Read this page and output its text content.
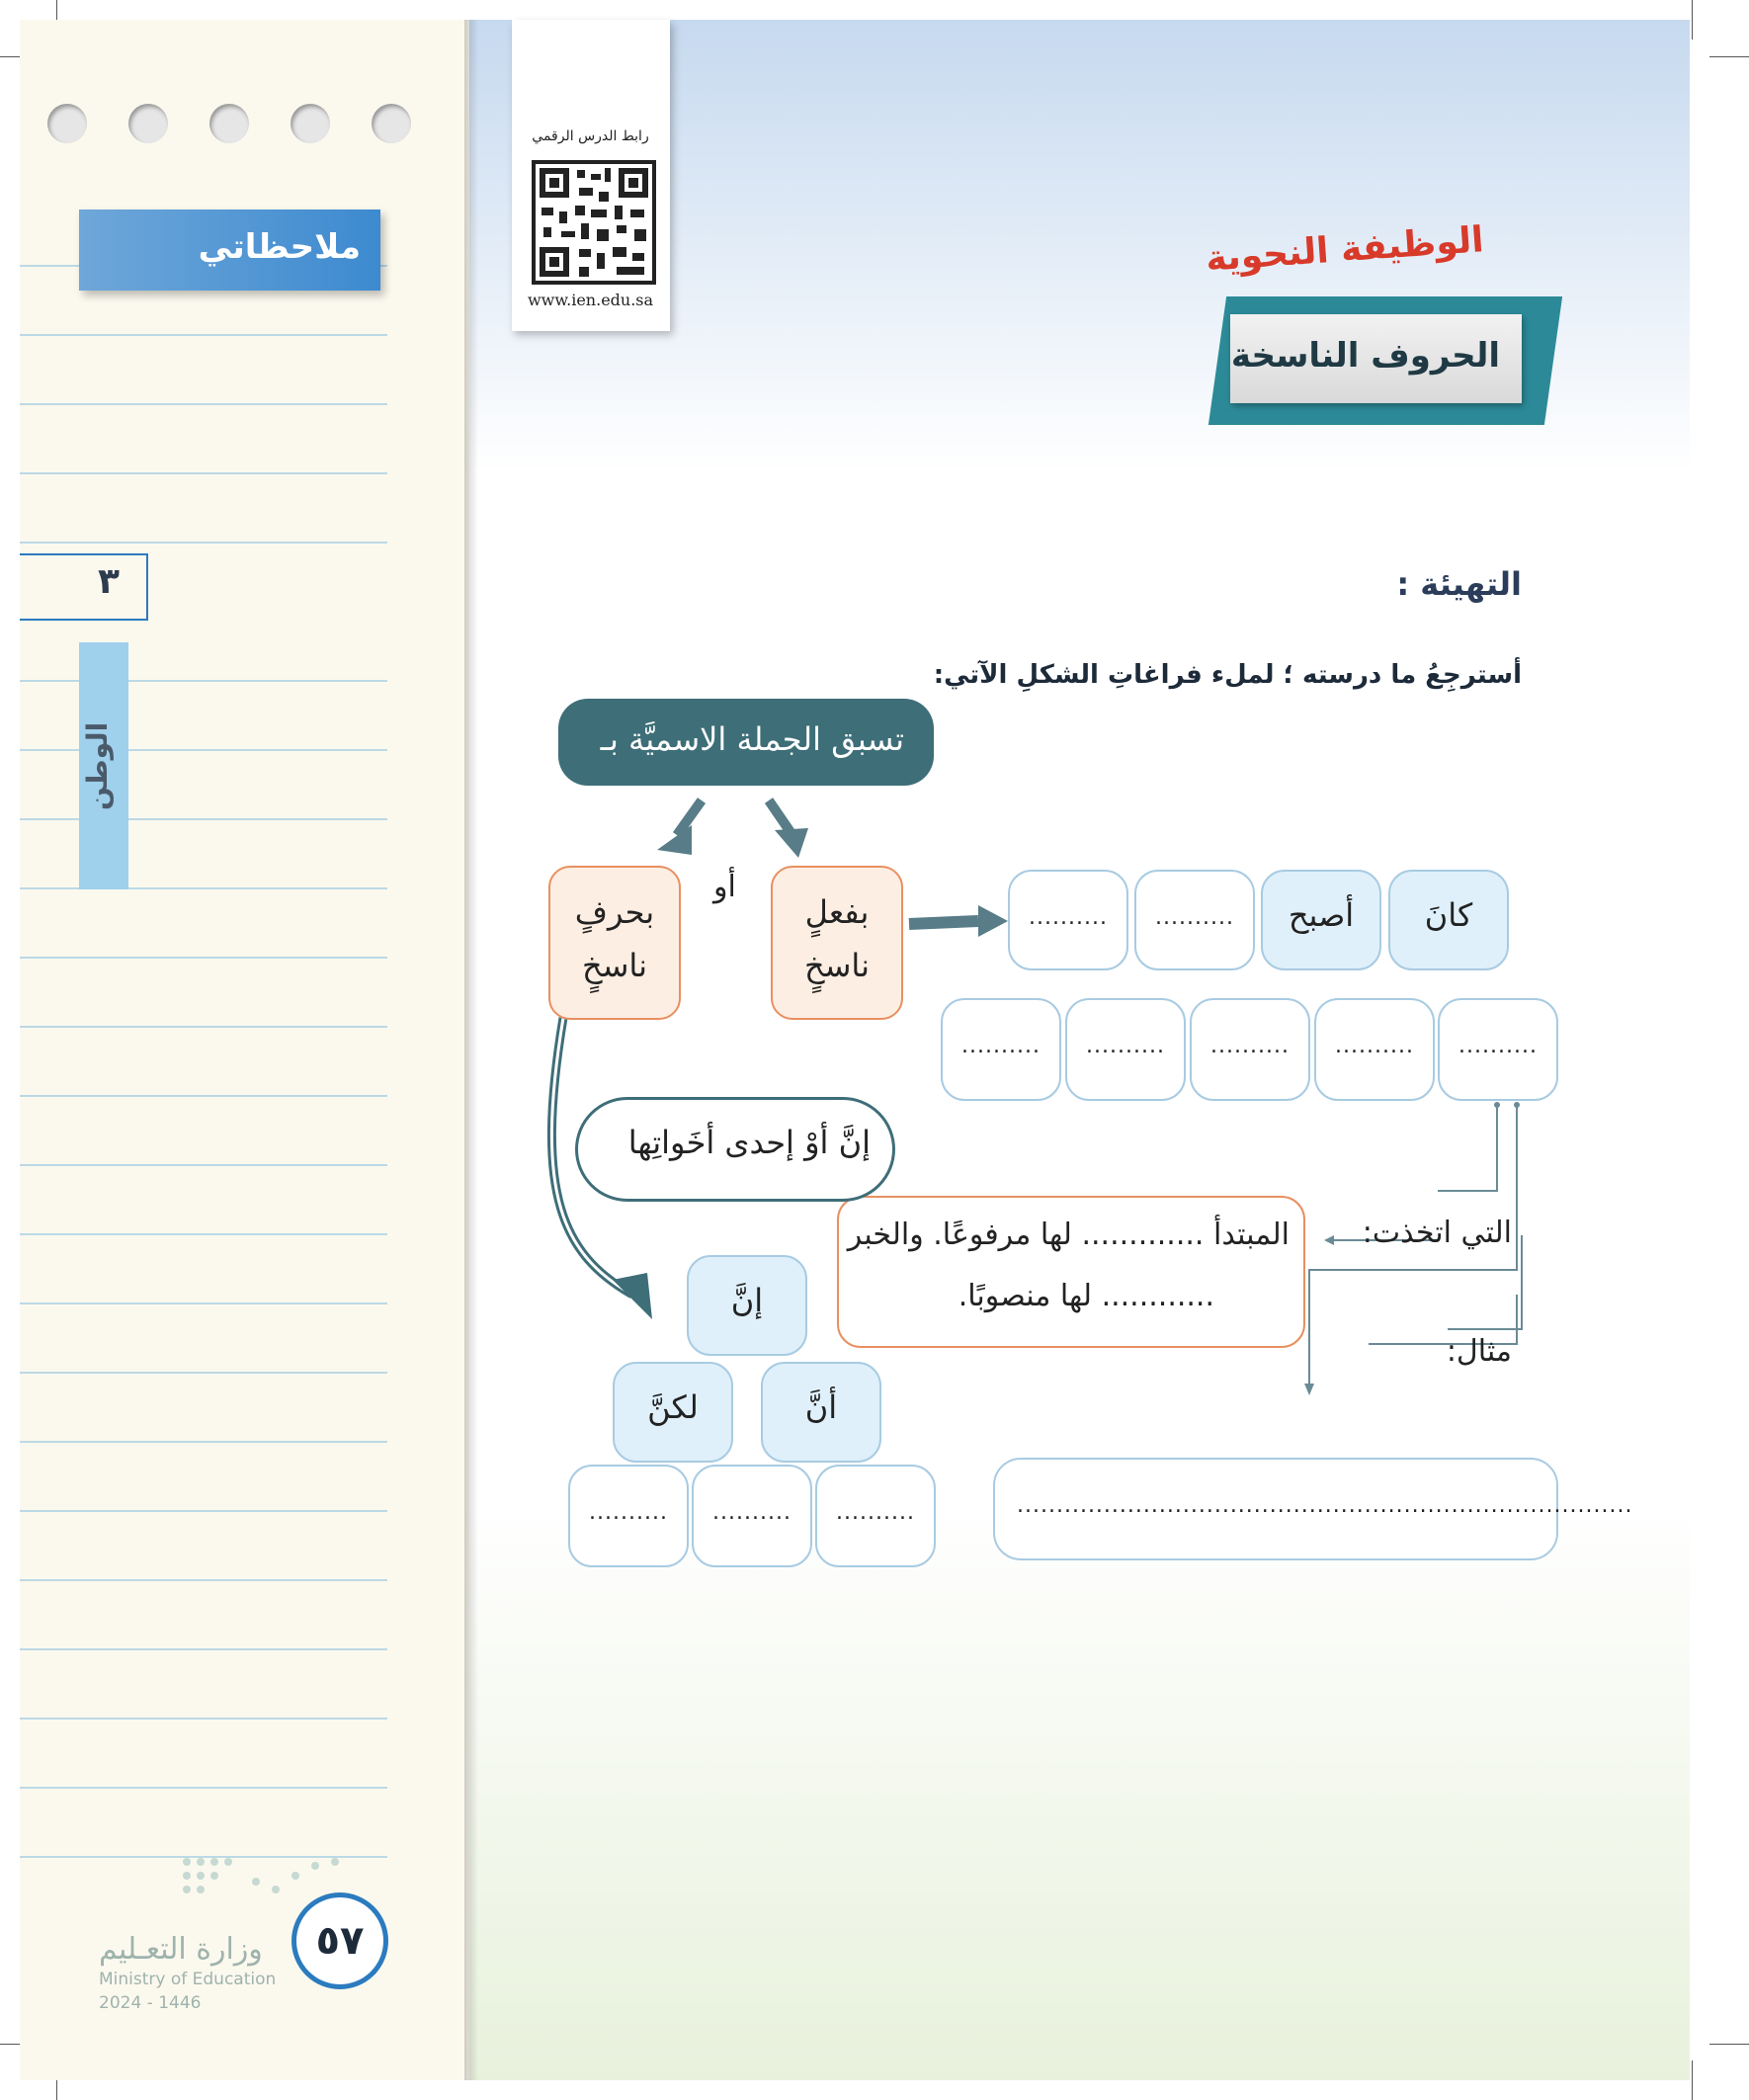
ملاحظاتي
٣
الوطن
وزارة التعـليم
Ministry of Education
2024 - 1446
٥٧
رابط الدرس الرقمي
www.ien.edu.sa
الوظيفة النحوية
الحروف الناسخة
التهيئة :
أسترجِعُ ما درسته ؛ لملء فراغاتِ الشكلِ الآتي:
تسبق الجملة الاسميَّة بـ
بحرفٍ
ناسخٍ
أو
بفعلٍ
ناسخٍ
كانَ
أصبح
..........
..........
..........
..........
..........
..........
..........
التي اتخذت:
المبتدأ ............. لها مرفوعًا. والخبر
............ لها منصوبًا.
مثال:
..............................................................................
إنَّ أوْ إحدى أخَواتِها
إنَّ
أنَّ
لكنَّ
..........
..........
..........
